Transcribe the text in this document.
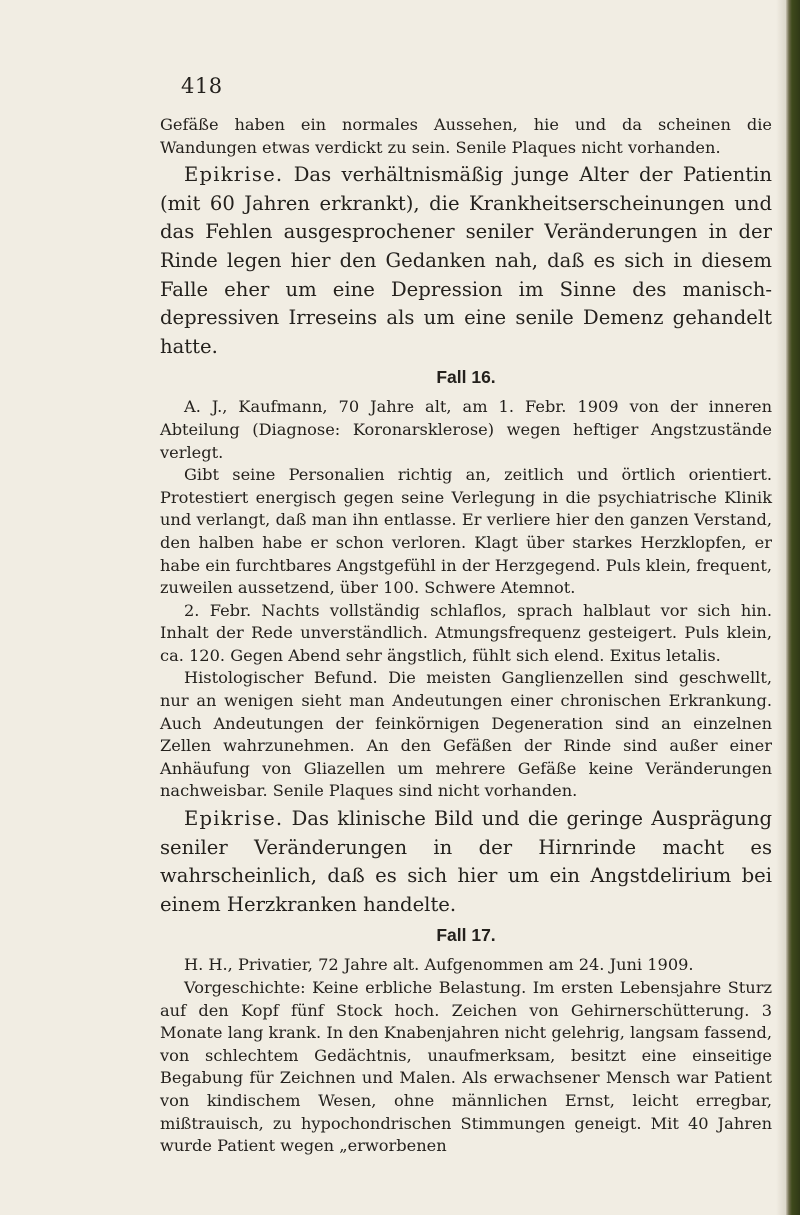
418

Gefäße haben ein normales Aussehen, hie und da scheinen die Wandungen etwas verdickt zu sein. Senile Plaques nicht vorhanden.

Epikrise. Das verhältnismäßig junge Alter der Patientin (mit 60 Jahren erkrankt), die Krankheitserscheinungen und das Fehlen ausgesprochener seniler Veränderungen in der Rinde legen hier den Gedanken nah, daß es sich in diesem Falle eher um eine Depression im Sinne des manisch-depressiven Irreseins als um eine senile Demenz gehandelt hatte.

Fall 16.

A. J., Kaufmann, 70 Jahre alt, am 1. Febr. 1909 von der inneren Abteilung (Diagnose: Koronarsklerose) wegen heftiger Angstzustände verlegt.

Gibt seine Personalien richtig an, zeitlich und örtlich orientiert. Protestiert energisch gegen seine Verlegung in die psychiatrische Klinik und verlangt, daß man ihn entlasse. Er verliere hier den ganzen Verstand, den halben habe er schon verloren. Klagt über starkes Herzklopfen, er habe ein furchtbares Angstgefühl in der Herzgegend. Puls klein, frequent, zuweilen aussetzend, über 100. Schwere Atemnot.

2. Febr. Nachts vollständig schlaflos, sprach halblaut vor sich hin. Inhalt der Rede unverständlich. Atmungsfrequenz gesteigert. Puls klein, ca. 120. Gegen Abend sehr ängstlich, fühlt sich elend. Exitus letalis.

Histologischer Befund. Die meisten Ganglienzellen sind geschwellt, nur an wenigen sieht man Andeutungen einer chronischen Erkrankung. Auch Andeutungen der feinkörnigen Degeneration sind an einzelnen Zellen wahrzunehmen. An den Gefäßen der Rinde sind außer einer Anhäufung von Gliazellen um mehrere Gefäße keine Veränderungen nachweisbar. Senile Plaques sind nicht vorhanden.

Epikrise. Das klinische Bild und die geringe Ausprägung seniler Veränderungen in der Hirnrinde macht es wahrscheinlich, daß es sich hier um ein Angstdelirium bei einem Herzkranken handelte.

Fall 17.

H. H., Privatier, 72 Jahre alt. Aufgenommen am 24. Juni 1909.

Vorgeschichte: Keine erbliche Belastung. Im ersten Lebensjahre Sturz auf den Kopf fünf Stock hoch. Zeichen von Gehirnerschütterung. 3 Monate lang krank. In den Knabenjahren nicht gelehrig, langsam fassend, von schlechtem Gedächtnis, unaufmerksam, besitzt eine einseitige Begabung für Zeichnen und Malen. Als erwachsener Mensch war Patient von kindischem Wesen, ohne männlichen Ernst, leicht erregbar, mißtrauisch, zu hypochondrischen Stimmungen geneigt. Mit 40 Jahren wurde Patient wegen „erworbenen
